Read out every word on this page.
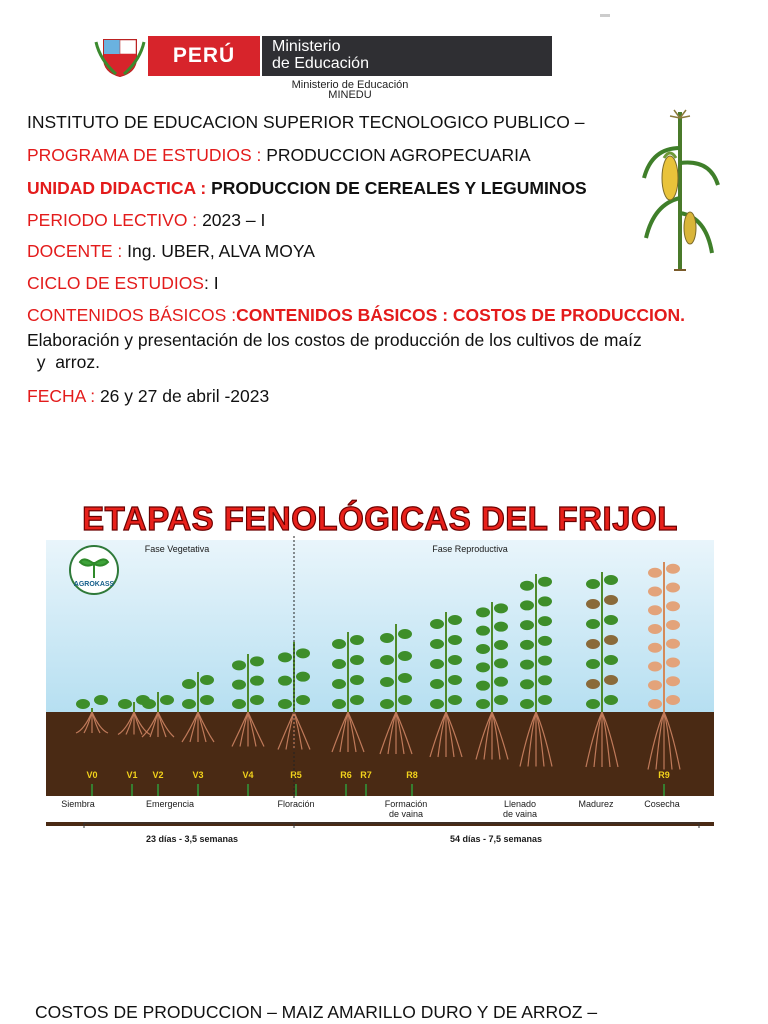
PERÚ	Ministerio
de Educación
Ministerio de Educación
MINEDU
INSTITUTO DE EDUCACION SUPERIOR TECNOLOGICO PUBLICO –
PROGRAMA DE ESTUDIOS : PRODUCCION AGROPECUARIA
UNIDAD DIDACTICA : PRODUCCION DE CEREALES Y LEGUMINOS
PERIODO LECTIVO : 2023 – I
DOCENTE : Ing. UBER, ALVA MOYA
CICLO DE ESTUDIOS: I
CONTENIDOS BÁSICOS :CONTENIDOS BÁSICOS : COSTOS DE PRODUCCION.
Elaboración y presentación de los costos de producción de los cultivos de maíz
y  arroz.
FECHA : 26 y 27 de abril -2023
V0	V1 V2	V3	V4	R5	R6 R7	R8	R9
Siembra	Emergencia	Floración	Formación de vaina
Llenado de vaina
Madurez	Cosecha
AGROKASS
Fase Vegetativa	Fase Reproductiva
23 días - 3,5 semanas	54 días - 7,5 semanas
ETAPAS FENOLÓGICAS DEL FRIJOL
COSTOS DE PRODUCCION – MAIZ AMARILLO DURO Y DE ARROZ –
